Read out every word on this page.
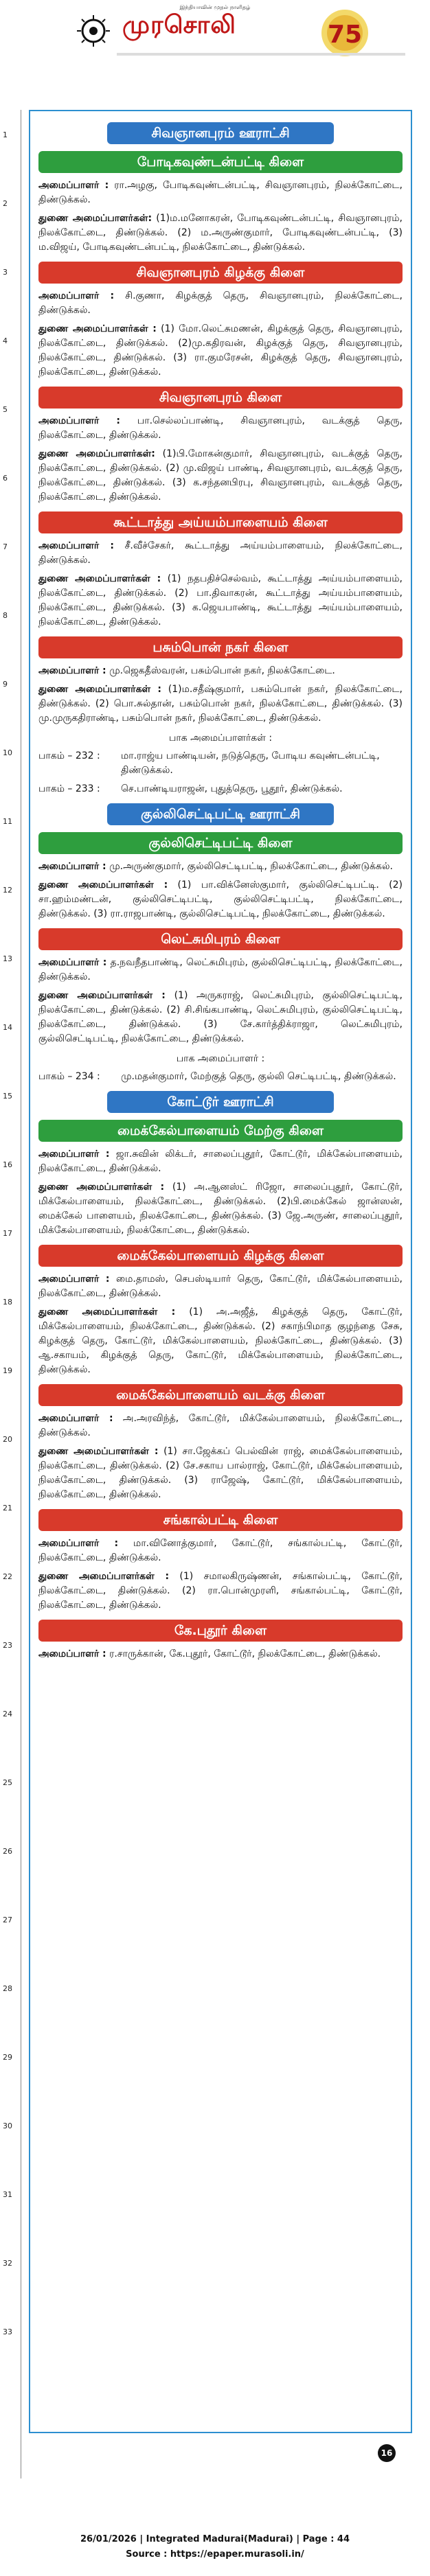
இந்தியாவின் முதல் நாளிதழ்
முரசொலி	75
1
2
3
4
5
6
7
8
9
10
11
12
13
14
15
16
17
18
19
20
21
22
23
24
25
26
27
28
29
30
31
32
33
சிவஞானபுரம் ஊராட்சி
போடிகவுண்டன்பட்டி கிளை

அமைப்பாளர் : ரா.அழகு, போடிகவுண்டன்பட்டி, சிவஞானபுரம், நிலக்கோட்டை, திண்டுக்கல்.

துணை அமைப்பாளர்கள்: (1)ம.மனோகரன், போடிகவுண்டன்பட்டி, சிவஞானபுரம், நிலக்கோட்டை, திண்டுக்கல். (2) ம.அருண்குமார், போடிகவுண்டன்பட்டி, (3) ம.விஜய், போடிகவுண்டன்பட்டி, நிலக்கோட்டை, திண்டுக்கல்.

சிவஞானபுரம் கிழக்கு கிளை

அமைப்பாளர் : சி.குணா, கிழக்குத் தெரு, சிவஞானபுரம், நிலக்கோட்டை, திண்டுக்கல்.

துணை அமைப்பாளர்கள் : (1) மோ.லெட்சுமணன், கிழக்குத் தெரு, சிவஞானபுரம், நிலக்கோட்டை, திண்டுக்கல். (2)மு.கதிரவன், கிழக்குத் தெரு, சிவஞானபுரம், நிலக்கோட்டை, திண்டுக்கல். (3) ரா.குமரேசன், கிழக்குத் தெரு, சிவஞானபுரம், நிலக்கோட்டை, திண்டுக்கல்.

சிவஞானபுரம் கிளை

அமைப்பாளர் : பா.செல்லப்பாண்டி, சிவஞானபுரம், வடக்குத் தெரு, நிலக்கோட்டை, திண்டுக்கல்.

துணை அமைப்பாளர்கள்: (1)பி.மோகன்குமார், சிவஞானபுரம், வடக்குத் தெரு, நிலக்கோட்டை, திண்டுக்கல். (2) மு.விஜய் பாண்டி, சிவஞானபுரம், வடக்குத் தெரு, நிலக்கோட்டை, திண்டுக்கல். (3) க.சந்தனபிரபு, சிவஞானபுரம், வடக்குத் தெரு, நிலக்கோட்டை, திண்டுக்கல்.

கூட்டாத்து அய்யம்பாளையம் கிளை

அமைப்பாளர் : சீ.வீச்சேகர், கூட்டாத்து அய்யம்பாளையம், நிலக்கோட்டை, திண்டுக்கல்.

துணை அமைப்பாளர்கள் : (1) நதபதிச்செல்வம், கூட்டாத்து அய்யம்பாளையம், நிலக்கோட்டை, திண்டுக்கல். (2) பா.திவாகரன், கூட்டாத்து அய்யம்பாளையம், நிலக்கோட்டை, திண்டுக்கல். (3) க.ஜெயபாண்டி, கூட்டாத்து அய்யம்பாளையம், நிலக்கோட்டை, திண்டுக்கல்.

பசும்பொன் நகர் கிளை

அமைப்பாளர் : மு.ஜெகதீஸ்வரன், பசும்பொன் நகர், நிலக்கோட்டை.

துணை அமைப்பாளர்கள் : (1)ம.சதீஷ்குமார், பசும்பொன் நகர், நிலக்கோட்டை, திண்டுக்கல். (2) பொ.சுல்தான், பசும்பொன் நகர், நிலக்கோட்டை, திண்டுக்கல். (3) மு.முருகதிராண்டி, பசும்பொன் நகர், நிலக்கோட்டை, திண்டுக்கல்.

பாக அமைப்பாளர்கள் :
பாகம் – 232 :	மா.ராஜ்ய பாண்டியன், நடுத்தெரு, போடிய கவுண்டன்பட்டி, திண்டுக்கல்.
பாகம் – 233 :	செ.பாண்டியராஜன், புதுத்தெரு, பூதூர், திண்டுக்கல்.
குல்லிசெட்டிபட்டி ஊராட்சி
குல்லிசெட்டிபட்டி கிளை

அமைப்பாளர் : மு.அருண்குமார், குல்லிசெட்டிபட்டி, நிலக்கோட்டை, திண்டுக்கல்.

துணை அமைப்பாளர்கள் : (1) பா.விக்னேஸ்குமார், குல்லிசெட்டிபட்டி. (2) சா.ஹம்மண்டன், குல்லிசெட்டிபட்டி, குல்லிசெட்டிபட்டி, நிலக்கோட்டை, திண்டுக்கல். (3) ரா.ராஜபாண்டி, குல்லிசெட்டிபட்டி, நிலக்கோட்டை, திண்டுக்கல்.

லெட்சுமிபுரம் கிளை

அமைப்பாளர் : த.நவநீதபாண்டி, லெட்சுமிபுரம், குல்லிசெட்டிபட்டி, நிலக்கோட்டை, திண்டுக்கல்.

துணை அமைப்பாளர்கள் : (1) அருகராஜ், லெட்சுமிபுரம், குல்லிசெட்டிபட்டி, நிலக்கோட்டை, திண்டுக்கல். (2) சி.சிங்கபாண்டி, லெட்சுமிபுரம், குல்லிசெட்டிபட்டி, நிலக்கோட்டை, திண்டுக்கல். (3) சே.கார்த்திக்ராஜா, லெட்சுமிபுரம், குல்லிசெட்டிபட்டி, நிலக்கோட்டை, திண்டுக்கல்.

பாக அமைப்பாளர் :
பாகம் – 234 :	மு.மதன்குமார், மேற்குத் தெரு, குல்லி செட்டிபட்டி, திண்டுக்கல்.
கோட்டூர் ஊராட்சி
மைக்கேல்பாளையம் மேற்கு கிளை

அமைப்பாளர் : ஜா.சுவின் லிக்டர், சாலைப்புதூர், கோட்டூர், மிக்கேல்பாளையம், நிலக்கோட்டை, திண்டுக்கல்.

துணை அமைப்பாளர்கள் : (1) அ.ஆனஸ்ட் ரிஜோ, சாலைப்புதூர், கோட்டூர், மிக்கேல்பாளையம், நிலக்கோட்டை, திண்டுக்கல். (2)பி.மைக்கேல் ஜான்ஸன், மைக்கேல் பாளையம், நிலக்கோட்டை, திண்டுக்கல். (3) ஜே.அருண், சாலைப்புதூர், மிக்கேல்பாளையம், நிலக்கோட்டை, திண்டுக்கல்.

மைக்கேல்பாளையம் கிழக்கு கிளை

அமைப்பாளர் : மை.தாமஸ், செபஸ்டியார் தெரு, கோட்டூர், மிக்கேல்பாளையம், நிலக்கோட்டை, திண்டுக்கல்.

துணை அமைப்பாளர்கள் : (1) அ.அஜீத், கிழக்குத் தெரு, கோட்டூர், மிக்கேல்பாளையம், நிலக்கோட்டை, திண்டுக்கல். (2) சகாந்பிமாத குழந்தை சேசு, கிழக்குத் தெரு, கோட்டூர், மிக்கேல்பாளையம், நிலக்கோட்டை, திண்டுக்கல். (3) ஆ.சகாயம், கிழக்குத் தெரு, கோட்டூர், மிக்கேல்பாளையம், நிலக்கோட்டை, திண்டுக்கல்.

மைக்கேல்பாளையம் வடக்கு கிளை

அமைப்பாளர் : அ.அரவிந்த், கோட்டூர், மிக்கேல்பாளையம், நிலக்கோட்டை, திண்டுக்கல்.

துணை அமைப்பாளர்கள் : (1) சா.ஜேக்கப் பெல்வின் ராஜ், மைக்கேல்பாளையம், நிலக்கோட்டை, திண்டுக்கல். (2) சே.சகாய பால்ராஜ், கோட்டூர், மிக்கேல்பாளையம், நிலக்கோட்டை, திண்டுக்கல். (3) ராஜேஷ், கோட்டூர், மிக்கேல்பாளையம், நிலக்கோட்டை, திண்டுக்கல்.

சங்கால்பட்டி கிளை

அமைப்பாளர் : மா.வினோத்குமார், கோட்டூர், சங்கால்பட்டி, கோட்டூர், நிலக்கோட்டை, திண்டுக்கல்.

துணை அமைப்பாளர்கள் : (1) சமாலகிருஷ்ணன், சங்கால்பட்டி, கோட்டூர், நிலக்கோட்டை, திண்டுக்கல். (2) ரா.பொன்முரளி, சங்கால்பட்டி, கோட்டூர், நிலக்கோட்டை, திண்டுக்கல்.

கே.புதூர் கிளை

அமைப்பாளர் : ர.சாருக்கான், கே.புதூர், கோட்டூர், நிலக்கோட்டை, திண்டுக்கல்.

16
26/01/2026 | Integrated Madurai(Madurai) | Page : 44
Source : https://epaper.murasoli.in/
